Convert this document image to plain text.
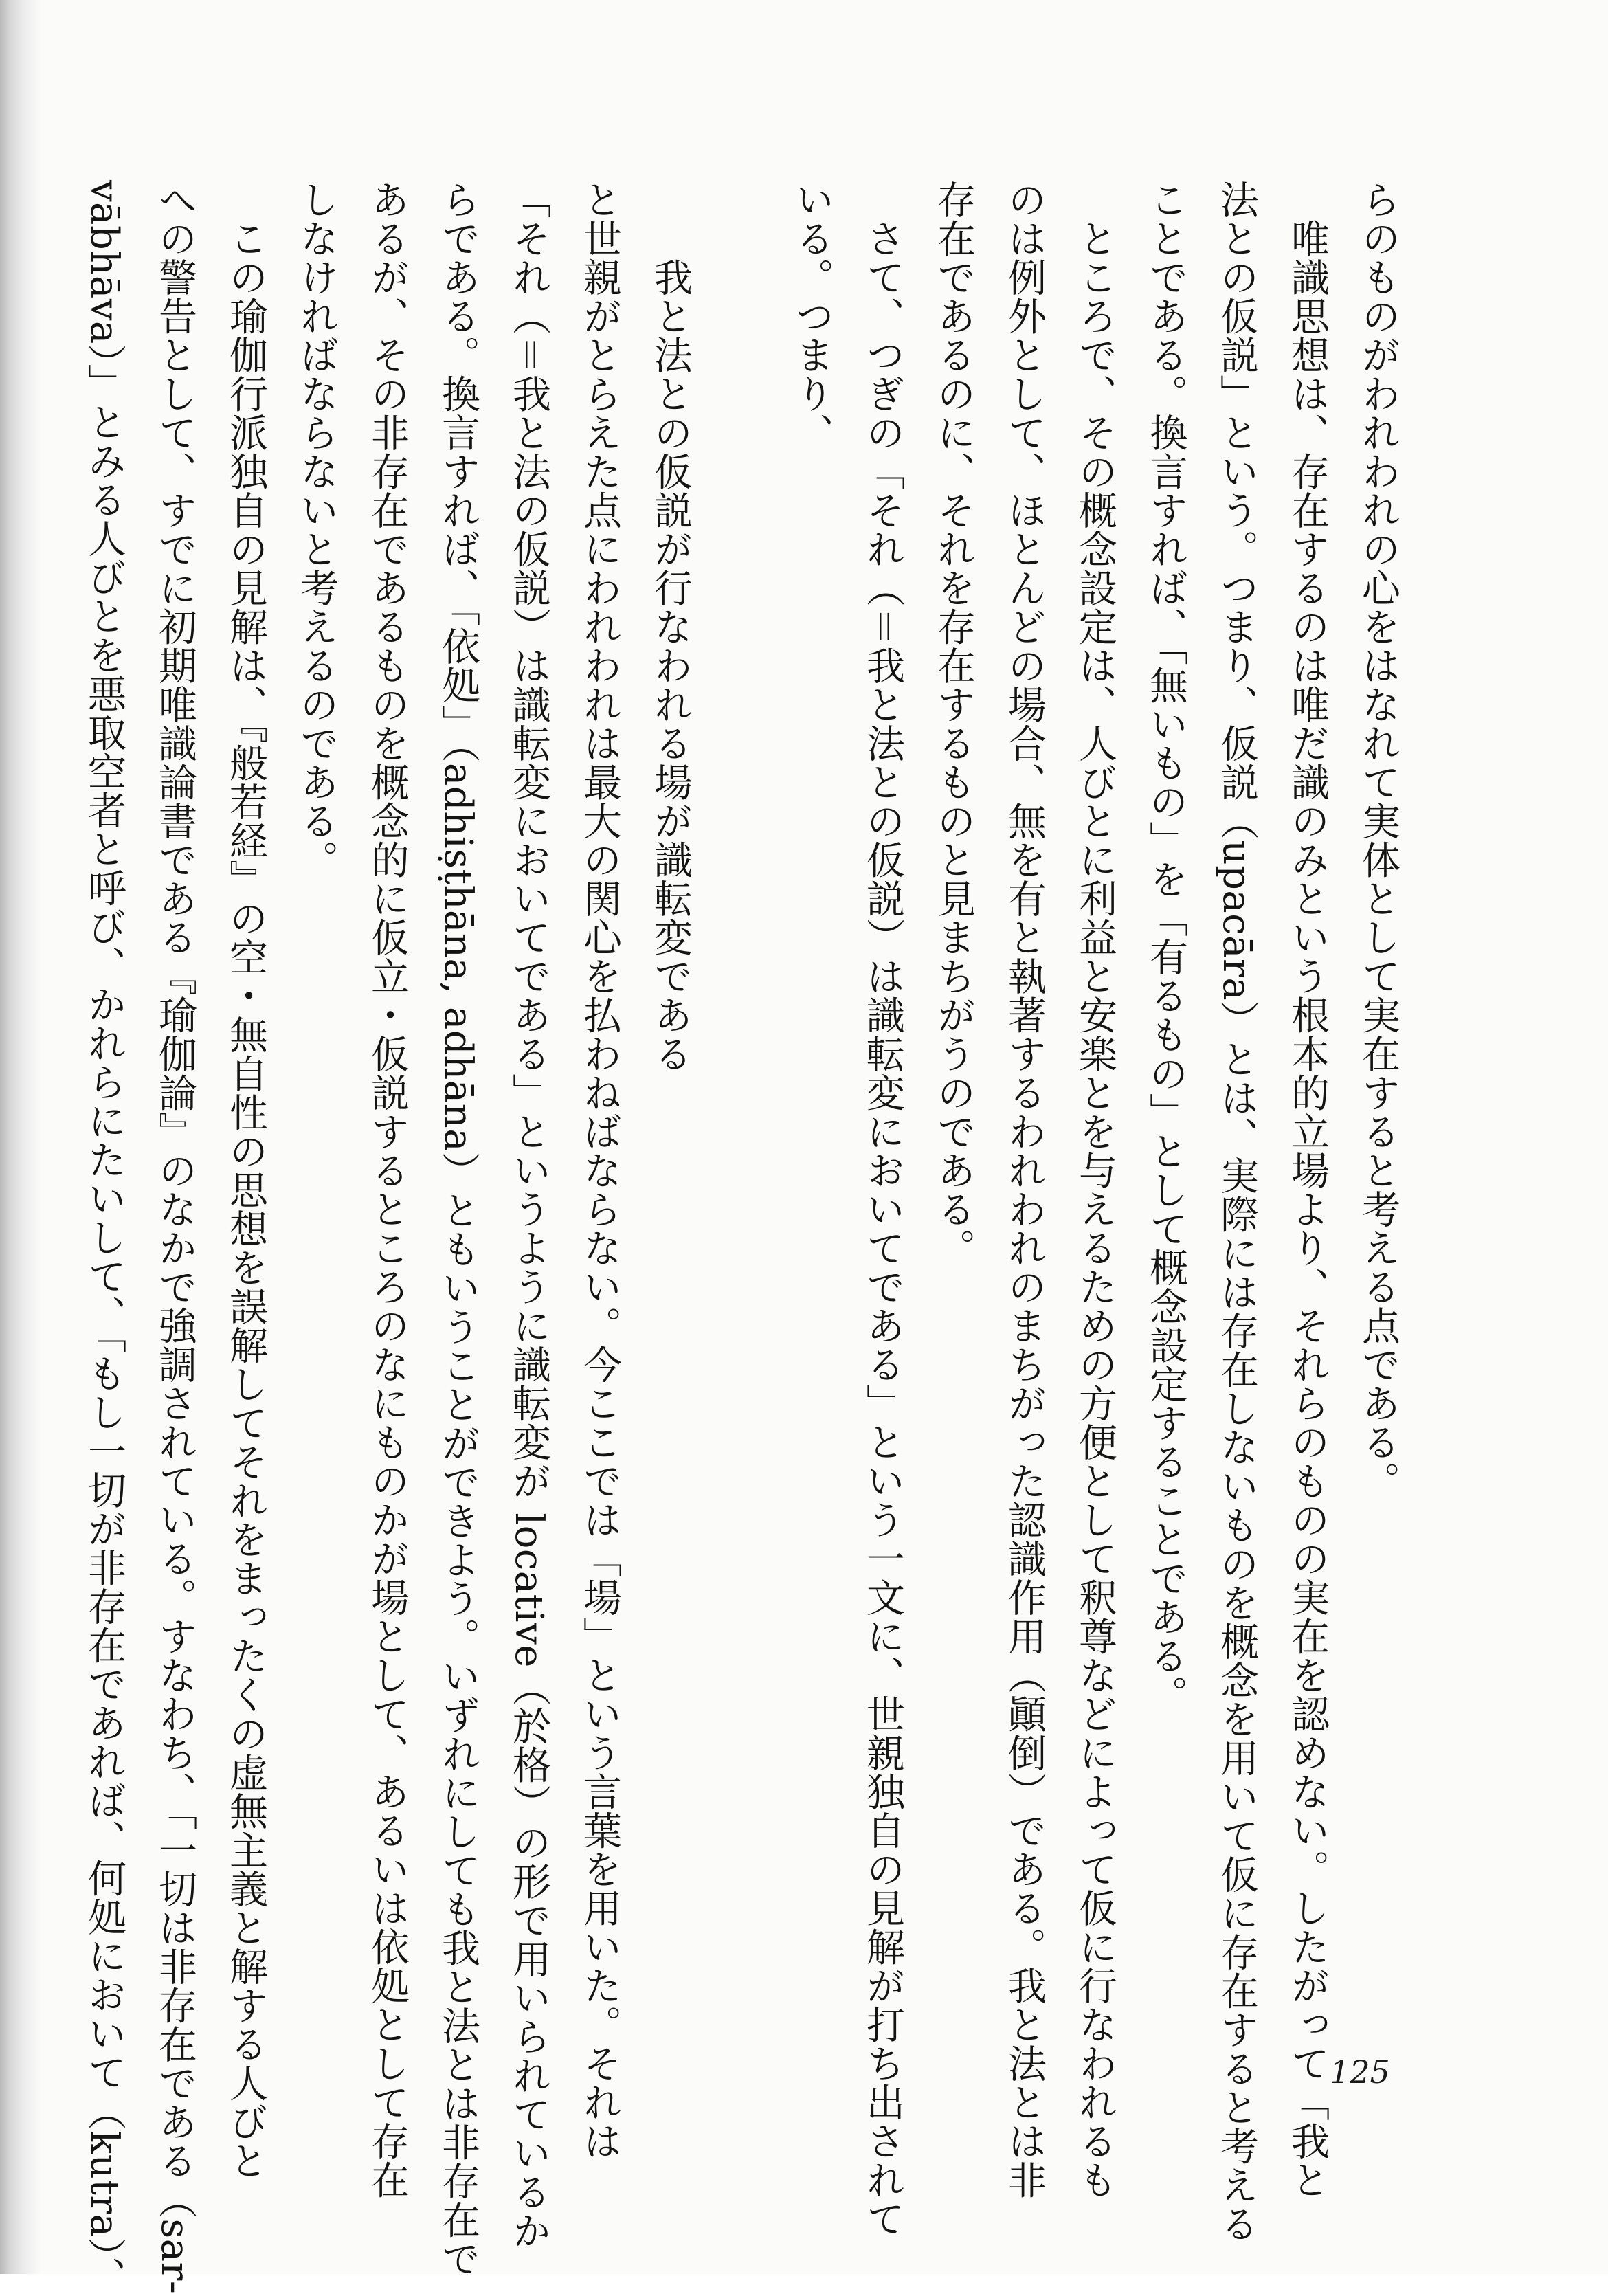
らのものがわれわれの心をはなれて実体として実在すると考える点である。
　唯識思想は、存在するのは唯だ識のみという根本的立場より、それらのものの実在を認めない。したがって「我と
法との仮説」という。つまり、仮説（upacāra）とは、実際には存在しないものを概念を用いて仮に存在すると考える
ことである。換言すれば、「無いもの」を「有るもの」として概念設定することである。
　ところで、その概念設定は、人びとに利益と安楽とを与えるための方便として釈尊などによって仮に行なわれるも
のは例外として、ほとんどの場合、無を有と執著するわれわれのまちがった認識作用（顚倒）である。我と法とは非
存在であるのに、それを存在するものと見まちがうのである。
　さて、つぎの「それ（＝我と法との仮説）は識転変においてである」という一文に、世親独自の見解が打ち出されて
いる。つまり、

　　我と法との仮説が行なわれる場が識転変である
と世親がとらえた点にわれわれは最大の関心を払わねばならない。今ここでは「場」という言葉を用いた。それは
「それ（＝我と法の仮説）は識転変においてである」というように識転変が locative（於格）の形で用いられているか
らである。換言すれば、「依処」（adhiṣṭhāna, adhāna）ともいうことができよう。いずれにしても我と法とは非存在で
あるが、その非存在であるものを概念的に仮立・仮説するところのなにものかが場として、あるいは依処として存在
しなければならないと考えるのである。
　この瑜伽行派独自の見解は、『般若経』の空・無自性の思想を誤解してそれをまったくの虚無主義と解する人びと
への警告として、すでに初期唯識論書である『瑜伽論』のなかで強調されている。すなわち、「一切は非存在である（sar-
vābhāva）」とみる人びとを悪取空者と呼び、かれらにたいして、「もし一切が非存在であれば、何処において（kutra）、	125
